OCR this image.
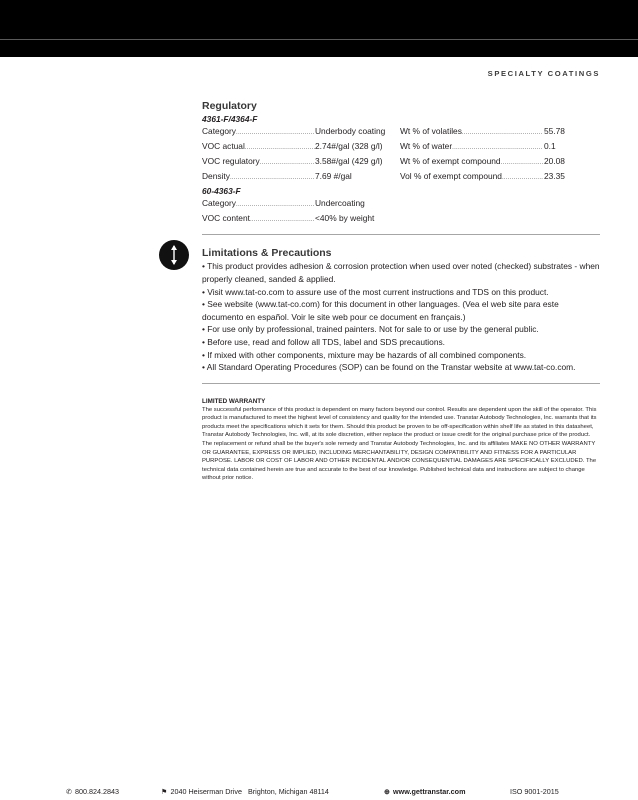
SPECIALTY COATINGS
Regulatory
4361-F/4364-F
Category .....	Underbody coating
VOC actual .....	2.74#/gal (328 g/l)
VOC regulatory .....	3.58#/gal (429 g/l)
Density .....	7.69 #/gal
Wt % of volatiles .....	55.78
Wt % of water .....	0.1
Wt % of exempt compound .....	20.08
Vol % of exempt compound .....	23.35
60-4363-F
Category .....	Undercoating
VOC content .....	<40% by weight
Limitations & Precautions

• This product provides adhesion & corrosion protection when used over noted (checked) substrates - when properly cleaned, sanded & applied.

• Visit www.tat-co.com to assure use of the most current instructions and TDS on this product.

• See website (www.tat-co.com) for this document in other languages. (Vea el web site para este documento en español. Voir le site web pour ce document en français.)

• For use only by professional, trained painters. Not for sale to or use by the general public.

• Before use, read and follow all TDS, label and SDS precautions.

• If mixed with other components, mixture may be hazards of all combined components.

• All Standard Operating Procedures (SOP) can be found on the Transtar website at www.tat-co.com.

LIMITED WARRANTY
The successful performance of this product is dependent on many factors beyond our control. Results are dependent upon the skill of the operator. This product is manufactured to meet the highest level of consistency and quality for the intended use. Transtar Autobody Technologies, Inc. warrants that its products meet the specifications which it sets for them. Should this product be proven to be off-specification within shelf life as stated in this datasheet, Transtar Autobody Technologies, Inc. will, at its sole discretion, either replace the product or issue credit for the original purchase price of the product. The replacement or refund shall be the buyer's sole remedy and Transtar Autobody Technologies, Inc. and its affiliates MAKE NO OTHER WARRANTY OR GUARANTEE, EXPRESS OR IMPLIED, INCLUDING MERCHANTABILITY, DESIGN COMPATIBILITY AND FITNESS FOR A PARTICULAR PURPOSE. LABOR OR COST OF LABOR AND OTHER INCIDENTAL AND/OR CONSEQUENTIAL DAMAGES ARE SPECIFICALLY EXCLUDED. The technical data contained herein are true and accurate to the best of our knowledge. Published technical data and instructions are subject to change without prior notice.
✆ 800.824.2843	⚑ 2040 Heiserman Drive   Brighton, Michigan 48114	⊕ www.gettranstar.com	ISO 9001-2015
